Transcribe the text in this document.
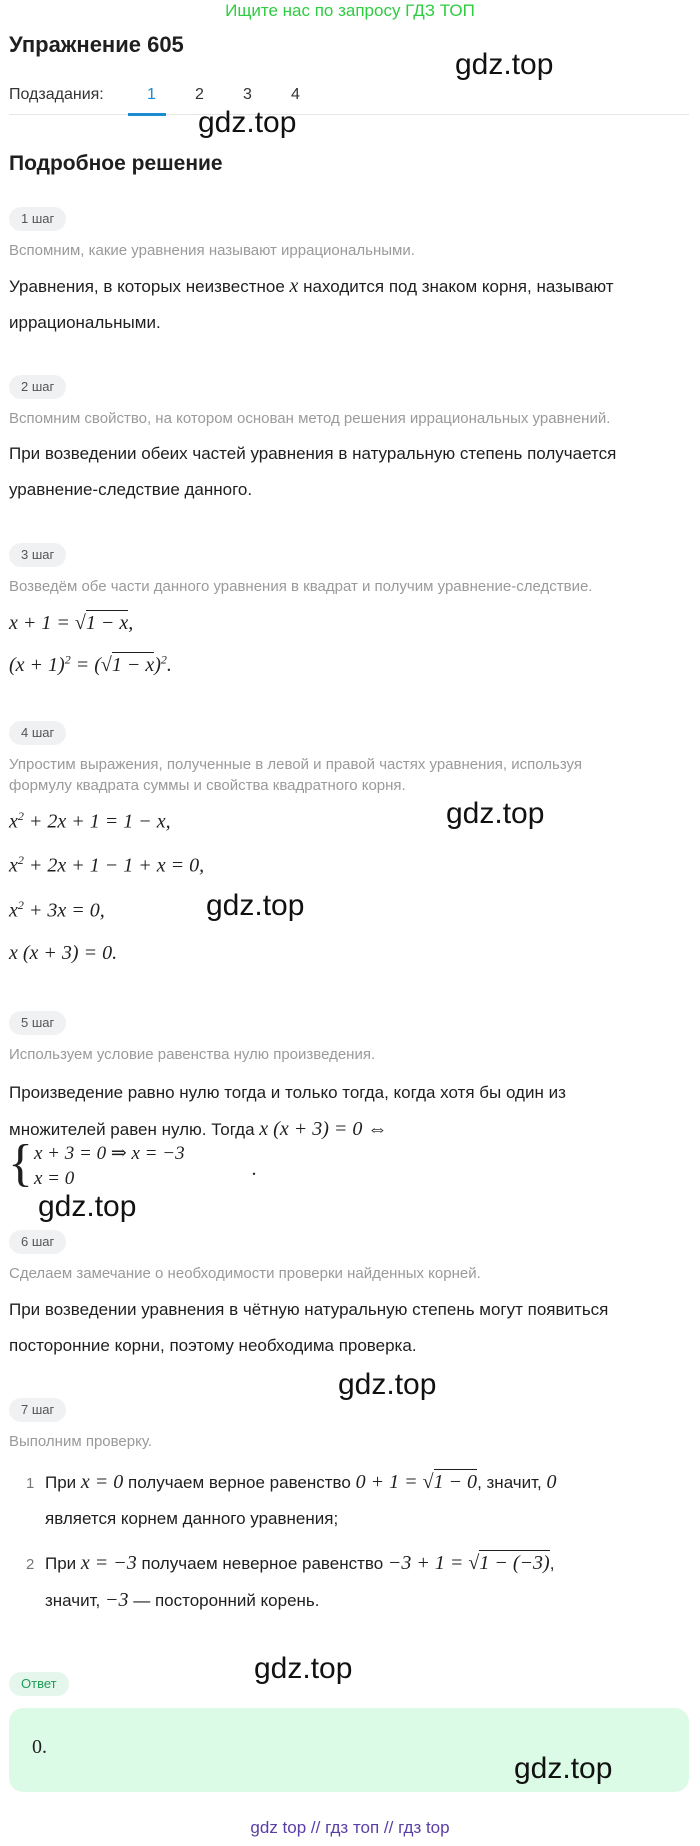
Ищите нас по запросу ГДЗ ТОП
Упражнение 605
Подзадания:	1 2 3 4
Подробное решение
1 шаг
Вспомним, какие уравнения называют иррациональными.
Уравнения, в которых неизвестное x находится под знаком корня, называют
иррациональными.
2 шаг
Вспомним свойство, на котором основан метод решения иррациональных уравнений.
При возведении обеих частей уравнения в натуральную степень получается
уравнение-следствие данного.
3 шаг
Возведём обе части данного уравнения в квадрат и получим уравнение-следствие.
x + 1 = √1 − x,
$(x + 1)^2 = (√1 - x)^2$.
4 шаг
Упростим выражения, полученные в левой и правой частях уравнения, используя
формулу квадрата суммы и свойства квадратного корня.
$x^2 + 2x + 1 = 1 - x$,
$x^2 + 2x + 1 - 1 + x = 0$,
$x^2 + 3x = 0$,
x (x + 3) = 0.
5 шаг
Используем условие равенства нулю произведения.
Произведение равно нулю тогда и только тогда, когда хотя бы один из
множителей равен нулю. Тогда x (x + 3) = 0 ⇔
{ x + 3 = 0 ⇒ x = −3
x = 0	.
6 шаг
Сделаем замечание о необходимости проверки найденных корней.
При возведении уравнения в чётную натуральную степень могут появиться
посторонние корни, поэтому необходима проверка.
7 шаг
Выполним проверку.
1 При x = 0 получаем верное равенство 0 + 1 = √1 − 0, значит, 0
является корнем данного уравнения;
2 При x = −3 получаем неверное равенство −3 + 1 = √1 − (−3),
значит, −3 — посторонний корень.
Ответ
0.
gdz.top
gdz.top
gdz.top
gdz.top
gdz.top
gdz.top
gdz.top
gdz.top
gdz top // гдз топ // гдз top
